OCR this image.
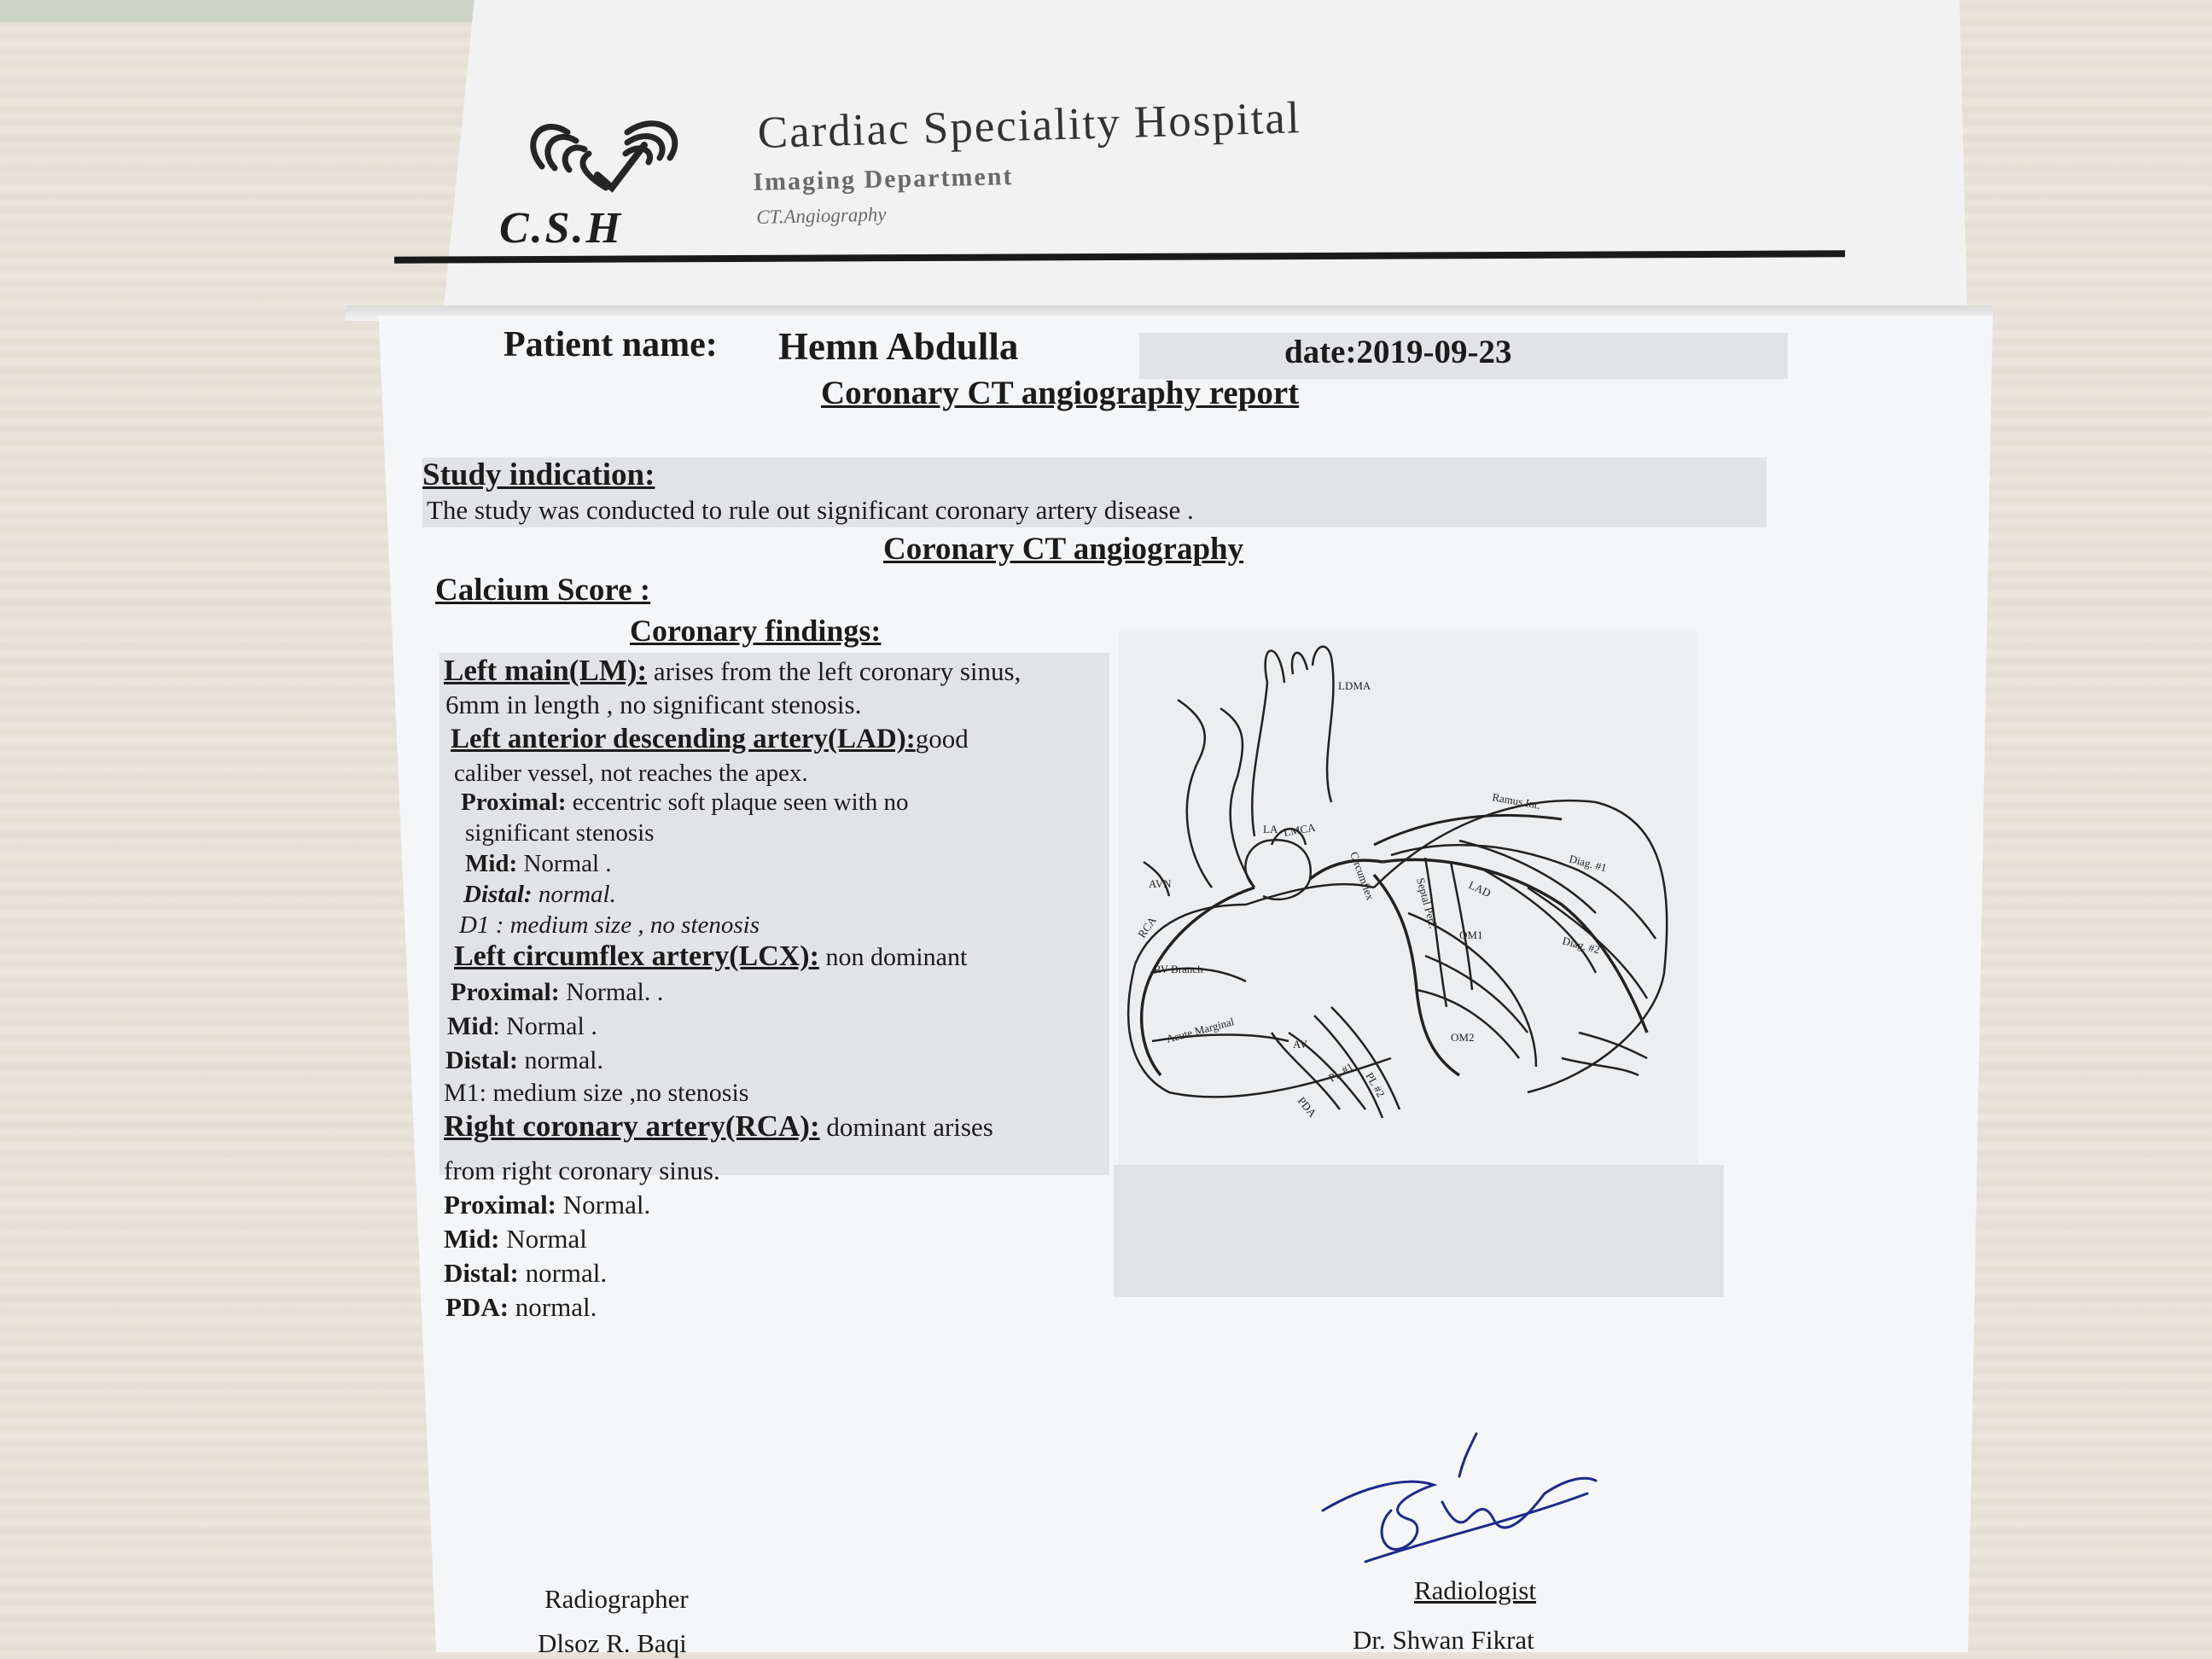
C.S.H
Cardiac Speciality Hospital
Imaging Department
CT.Angiography
Patient name: Hemn Abdulla	date:2019-09-23
Coronary CT angiography report
Study indication:
The study was conducted to rule out significant coronary artery disease .
Coronary CT angiography
Calcium Score :
Coronary findings:
Left main(LM): arises from the left coronary sinus,
6mm in length , no significant stenosis.
Left anterior descending artery(LAD):good
caliber vessel, not reaches the apex.
Proximal: eccentric soft plaque seen with no
significant stenosis
Mid: Normal .
Distal: normal.
D1 : medium size , no stenosis
Left circumflex artery(LCX): non dominant
Proximal: Normal. .
Mid: Normal .
Distal: normal.
M1: medium size ,no stenosis
Right coronary artery(RCA): dominant arises
from right coronary sinus.
Proximal: Normal.
Mid: Normal
Distal: normal.
PDA: normal.
LDMA
Ramus Int.
Diag. #1
Diag. #2
LAD
LA LMCA
Circumflex
Septal Perf.
OM1
OM2
AVN
RCA
RV Branch
Acute Marginal	AV
PL #1 PL #2
PDA
Radiographer
Dlsoz R. Baqi
Radiologist
Dr. Shwan Fikrat
